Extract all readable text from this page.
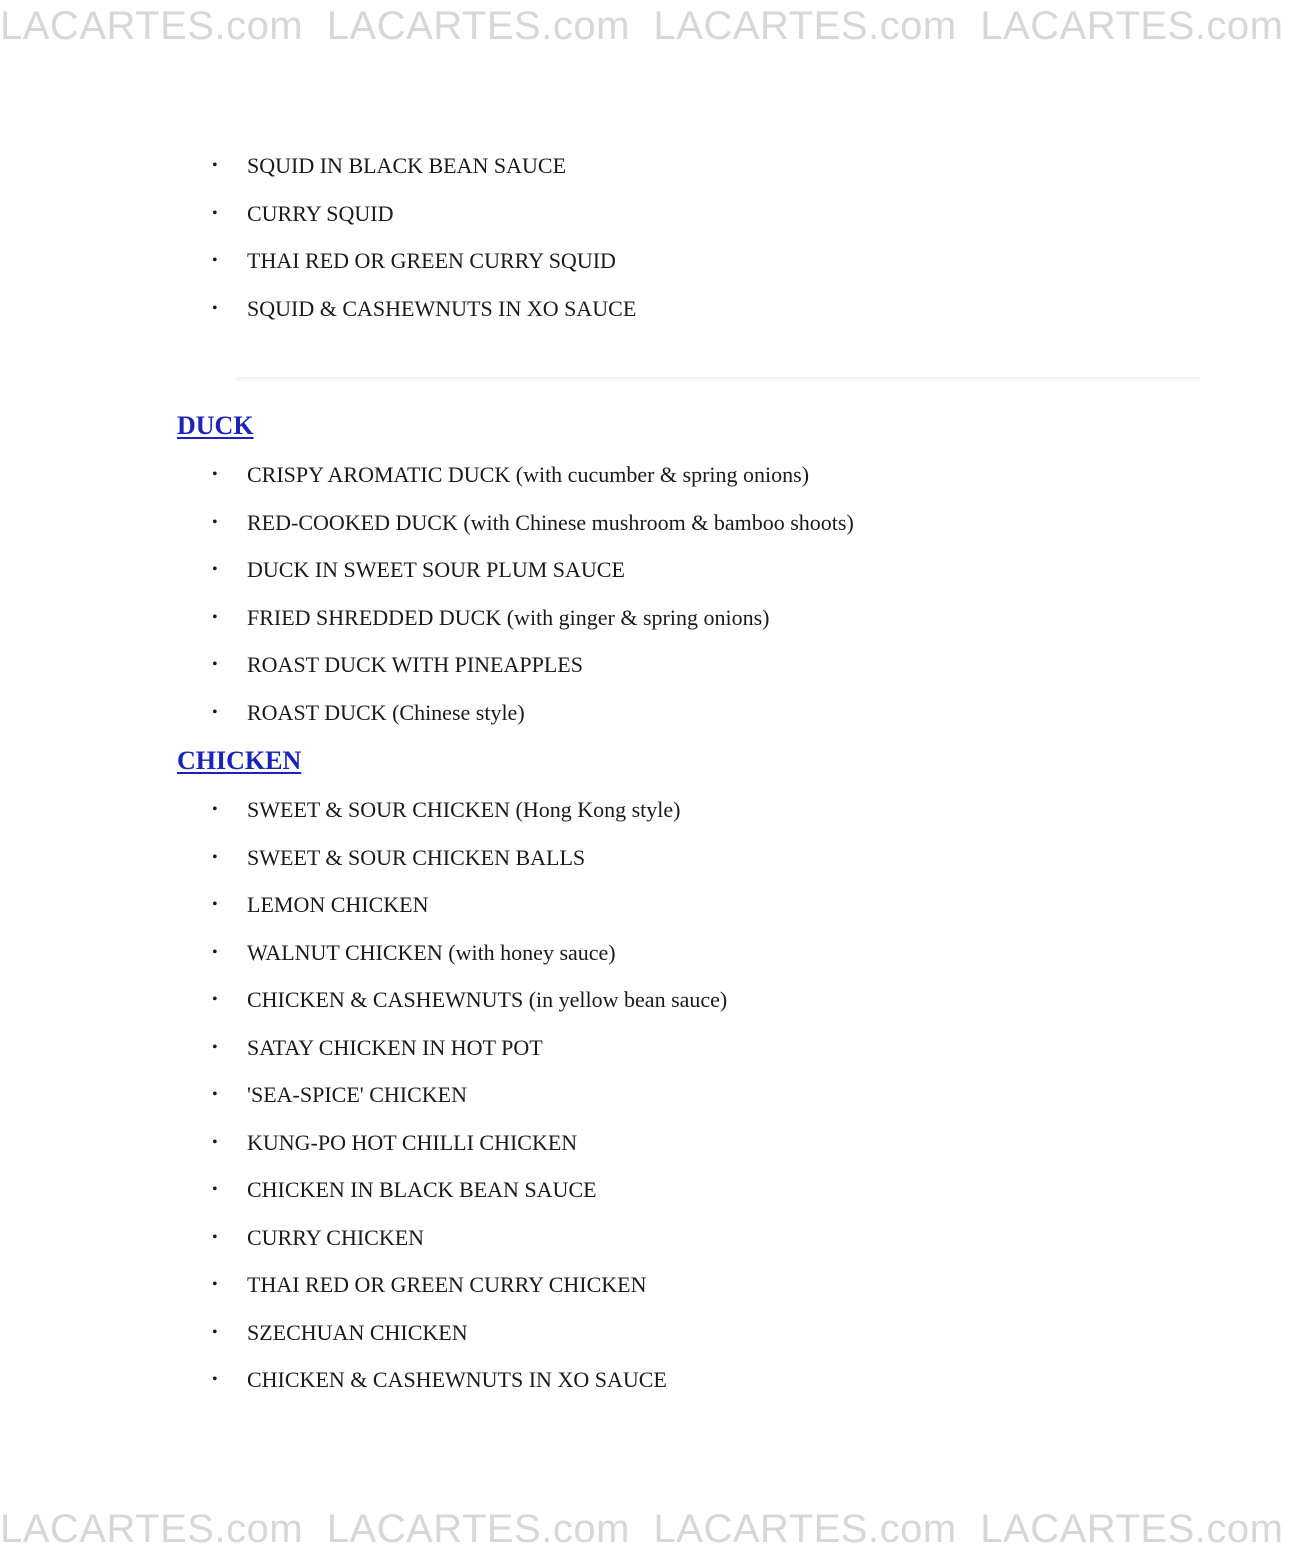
LACARTES.com LACARTES.com LACARTES.com LACARTES.com
• SQUID IN BLACK BEAN SAUCE
• CURRY SQUID
• THAI RED OR GREEN CURRY SQUID
• SQUID & CASHEWNUTS IN XO SAUCE
DUCK
• CRISPY AROMATIC DUCK (with cucumber & spring onions)
• RED-COOKED DUCK (with Chinese mushroom & bamboo shoots)
• DUCK IN SWEET SOUR PLUM SAUCE
• FRIED SHREDDED DUCK (with ginger & spring onions)
• ROAST DUCK WITH PINEAPPLES
• ROAST DUCK (Chinese style)
CHICKEN
• SWEET & SOUR CHICKEN (Hong Kong style)
• SWEET & SOUR CHICKEN BALLS
• LEMON CHICKEN
• WALNUT CHICKEN (with honey sauce)
• CHICKEN & CASHEWNUTS (in yellow bean sauce)
• SATAY CHICKEN IN HOT POT
• 'SEA-SPICE' CHICKEN
• KUNG-PO HOT CHILLI CHICKEN
• CHICKEN IN BLACK BEAN SAUCE
• CURRY CHICKEN
• THAI RED OR GREEN CURRY CHICKEN
• SZECHUAN CHICKEN
• CHICKEN & CASHEWNUTS IN XO SAUCE
LACARTES.com LACARTES.com LACARTES.com LACARTES.com
